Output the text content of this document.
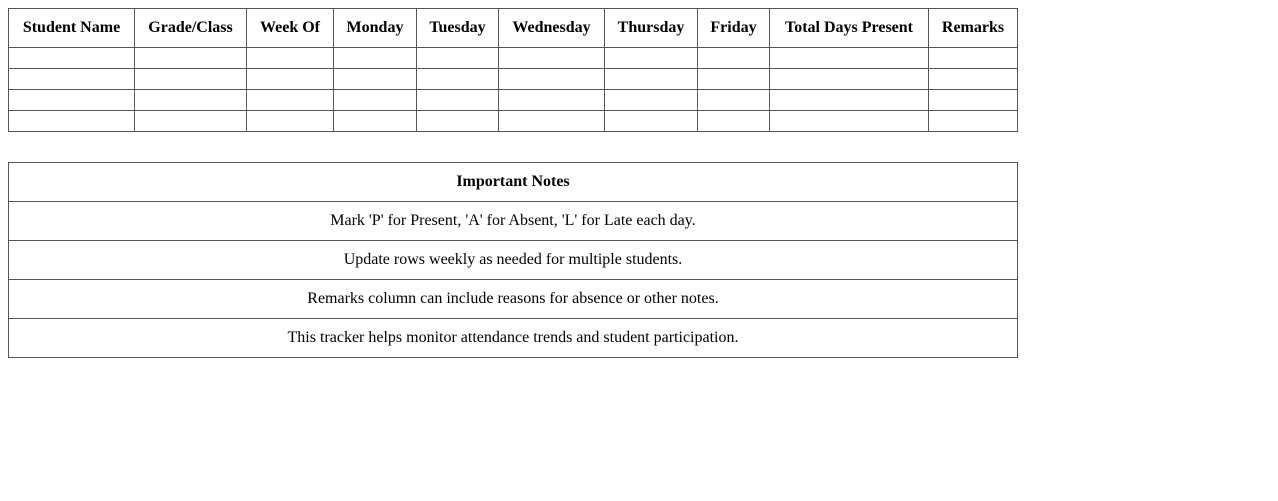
Student Name	Grade/Class	Week Of	Monday	Tuesday	Wednesday	Thursday	Friday	Total Days Present	Remarks

Important Notes
Mark 'P' for Present, 'A' for Absent, 'L' for Late each day.
Update rows weekly as needed for multiple students.
Remarks column can include reasons for absence or other notes.
This tracker helps monitor attendance trends and student participation.
